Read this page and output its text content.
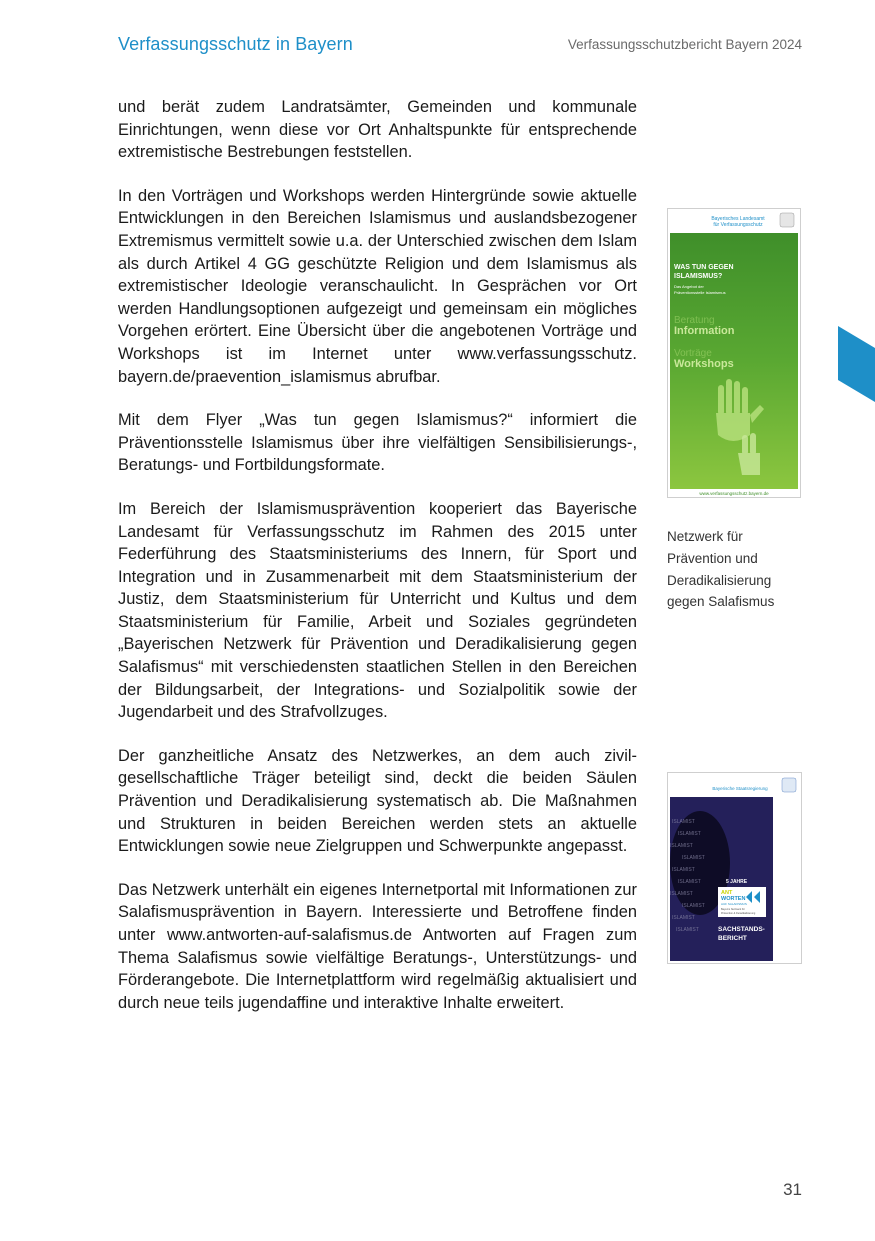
Verfassungsschutz in Bayern	Verfassungsschutzbericht Bayern 2024

und berät zudem Landratsämter, Gemeinden und kommunale Einrichtungen, wenn diese vor Ort Anhaltspunkte für entsprechende extremistische Bestrebungen feststellen.

In den Vorträgen und Workshops werden Hintergründe sowie aktuelle Entwicklungen in den Bereichen Islamismus und auslandsbezogener Extremismus vermittelt sowie u.a. der Unterschied zwischen dem Islam als durch Artikel 4 GG geschützte Religion und dem Islamismus als extremistischer Ideologie veranschaulicht. In Gesprächen vor Ort werden Handlungsoptionen aufgezeigt und gemeinsam ein mögliches Vorgehen erörtert. Eine Übersicht über die angebotenen Vorträge und Workshops ist im Internet unter www.verfassungsschutz.​bayern.de/praevention_islamismus abrufbar.

Mit dem Flyer „Was tun gegen Islamismus?“ informiert die Präventionsstelle Islamismus über ihre vielfältigen Sensibilisierungs-, Beratungs- und Fortbildungsformate.

Im Bereich der Islamismusprävention kooperiert das Bayerische Landesamt für Verfassungsschutz im Rahmen des 2015 unter Federführung des Staatsministeriums des Innern, für Sport und Integration und in Zusammenarbeit mit dem Staatsministerium der Justiz, dem Staatsministerium für Unterricht und Kultus und dem Staatsministerium für Familie, Arbeit und Soziales gegründeten „Bayerischen Netzwerk für Prävention und Deradikalisierung gegen Salafismus“ mit verschiedensten staatlichen Stellen in den Bereichen der Bildungsarbeit, der Integrations- und Sozialpolitik sowie der Jugendarbeit und des Strafvollzuges.

Der ganzheitliche Ansatz des Netzwerkes, an dem auch zivilgesellschaftliche Träger beteiligt sind, deckt die beiden Säulen Prävention und Deradikalisierung systematisch ab. Die Maßnahmen und Strukturen in beiden Bereichen werden stets an aktuelle Entwicklungen sowie neue Zielgruppen und Schwerpunkte angepasst.

Das Netzwerk unterhält ein eigenes Internetportal mit Informationen zur Salafismusprävention in Bayern. Interessierte und Betroffene finden unter www.antworten-auf-salafismus.de Antworten auf Fragen zum Thema Salafismus sowie vielfältige Beratungs-, Unterstützungs- und Förderangebote. Die Internetplattform wird regelmäßig aktualisiert und durch neue teils jugendaffine und interaktive Inhalte erweitert.

Bayerisches Landesamt
für Verfassungsschutz
WAS TUN GEGEN
ISLAMISMUS?
Das Angebot der
Präventionsstelle Islamismus
Beratung
Information
Vorträge
Workshops
www.verfassungsschutz.bayern.de
Netzwerk für
Prävention und
Deradikalisierung
gegen Salafismus
Bayerische Staatsregierung
ISLAMIST
ISLAMIST
ISLAMIST
ISLAMIST
ISLAMIST
ISLAMIST
ISLAMIST
ISLAMIST
ISLAMIST
ISLAMIST
5 JAHRE
ANT
WORTEN
AUF SALAFISMUS
Bayerns Netzwerk für
Prävention & Deradikalisierung
SACHSTANDS-
BERICHT
31
